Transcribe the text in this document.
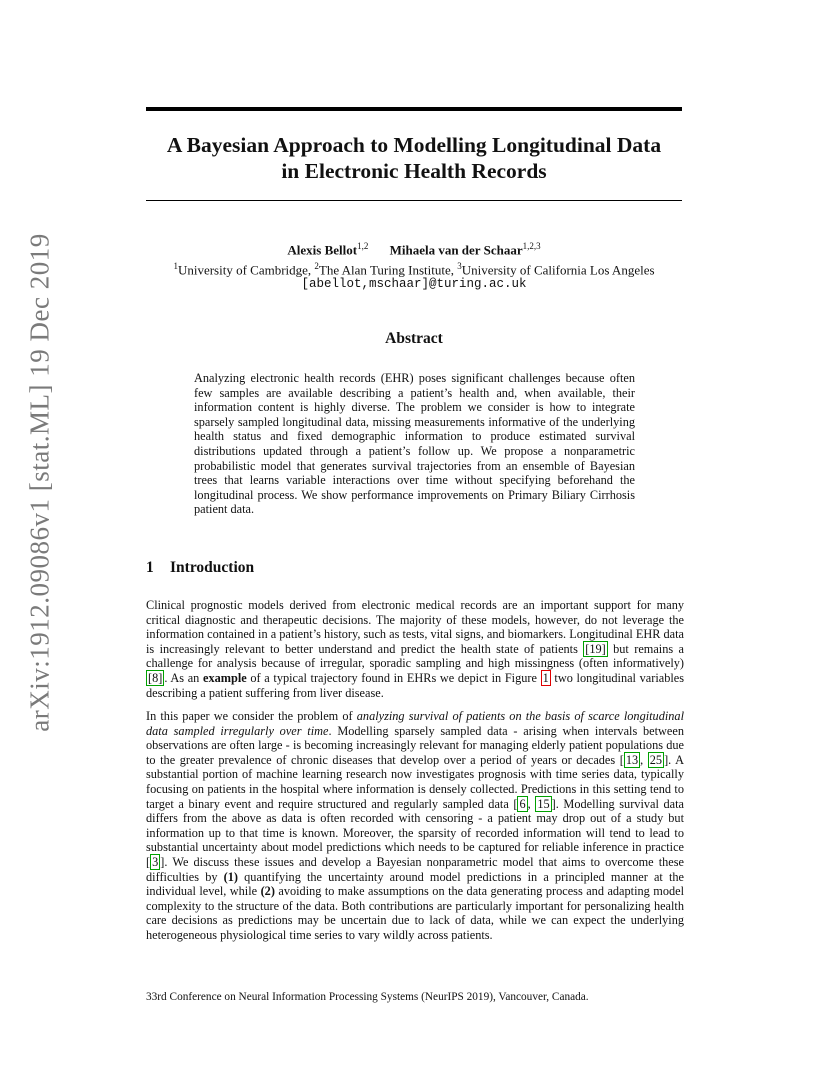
arXiv:1912.09086v1 [stat.ML] 19 Dec 2019
A Bayesian Approach to Modelling Longitudinal Data
in Electronic Health Records
Alexis Bellot$^{1,2}$ Mihaela van der Schaar$^{1,2,3}$
$^1$University of Cambridge, $^2$The Alan Turing Institute, $^3$University of California Los Angeles
[abellot,mschaar]@turing.ac.uk
Abstract

Analyzing electronic health records (EHR) poses significant challenges because often few samples are available describing a patient’s health and, when available, their information content is highly diverse. The problem we consider is how to integrate sparsely sampled longitudinal data, missing measurements informative of the underlying health status and fixed demographic information to produce estimated survival distributions updated through a patient’s follow up. We propose a nonparametric probabilistic model that generates survival trajectories from an ensemble of Bayesian trees that learns variable interactions over time without specifying beforehand the longitudinal process. We show performance improvements on Primary Biliary Cirrhosis patient data.

1 Introduction

Clinical prognostic models derived from electronic medical records are an important support for many critical diagnostic and therapeutic decisions. The majority of these models, however, do not leverage the information contained in a patient’s history, such as tests, vital signs, and biomarkers. Longitudinal EHR data is increasingly relevant to better understand and predict the health state of patients [19] but remains a challenge for analysis because of irregular, sporadic sampling and high missingness (often informatively) [8] . As an example of a typical trajectory found in EHRs we depict in Figure 1 two longitudinal variables describing a patient suffering from liver disease.

In this paper we consider the problem of analyzing survival of patients on the basis of scarce longitudinal data sampled irregularly over time. Modelling sparsely sampled data - arising when intervals between observations are often large - is becoming increasingly relevant for managing elderly patient populations due to the greater prevalence of chronic diseases that develop over a period of years or decades [ 13 , 25 ]. A substantial portion of machine learning research now investigates prognosis with time series data, typically focusing on patients in the hospital where information is densely collected. Predictions in this setting tend to target a binary event and require structured and regularly sampled data [ 6 , 15 ]. Modelling survival data differs from the above as data is often recorded with censoring - a patient may drop out of a study but information up to that time is known. Moreover, the sparsity of recorded information will tend to lead to substantial uncertainty about model predictions which needs to be captured for reliable inference in practice [ 3 ]. We discuss these issues and develop a Bayesian nonparametric model that aims to overcome these difficulties by (1) quantifying the uncertainty around model predictions in a principled manner at the individual level, while (2) avoiding to make assumptions on the data generating process and adapting model complexity to the structure of the data. Both contributions are particularly important for personalizing health care decisions as predictions may be uncertain due to lack of data, while we can expect the underlying heterogeneous physiological time series to vary wildly across patients.

33rd Conference on Neural Information Processing Systems (NeurIPS 2019), Vancouver, Canada.
